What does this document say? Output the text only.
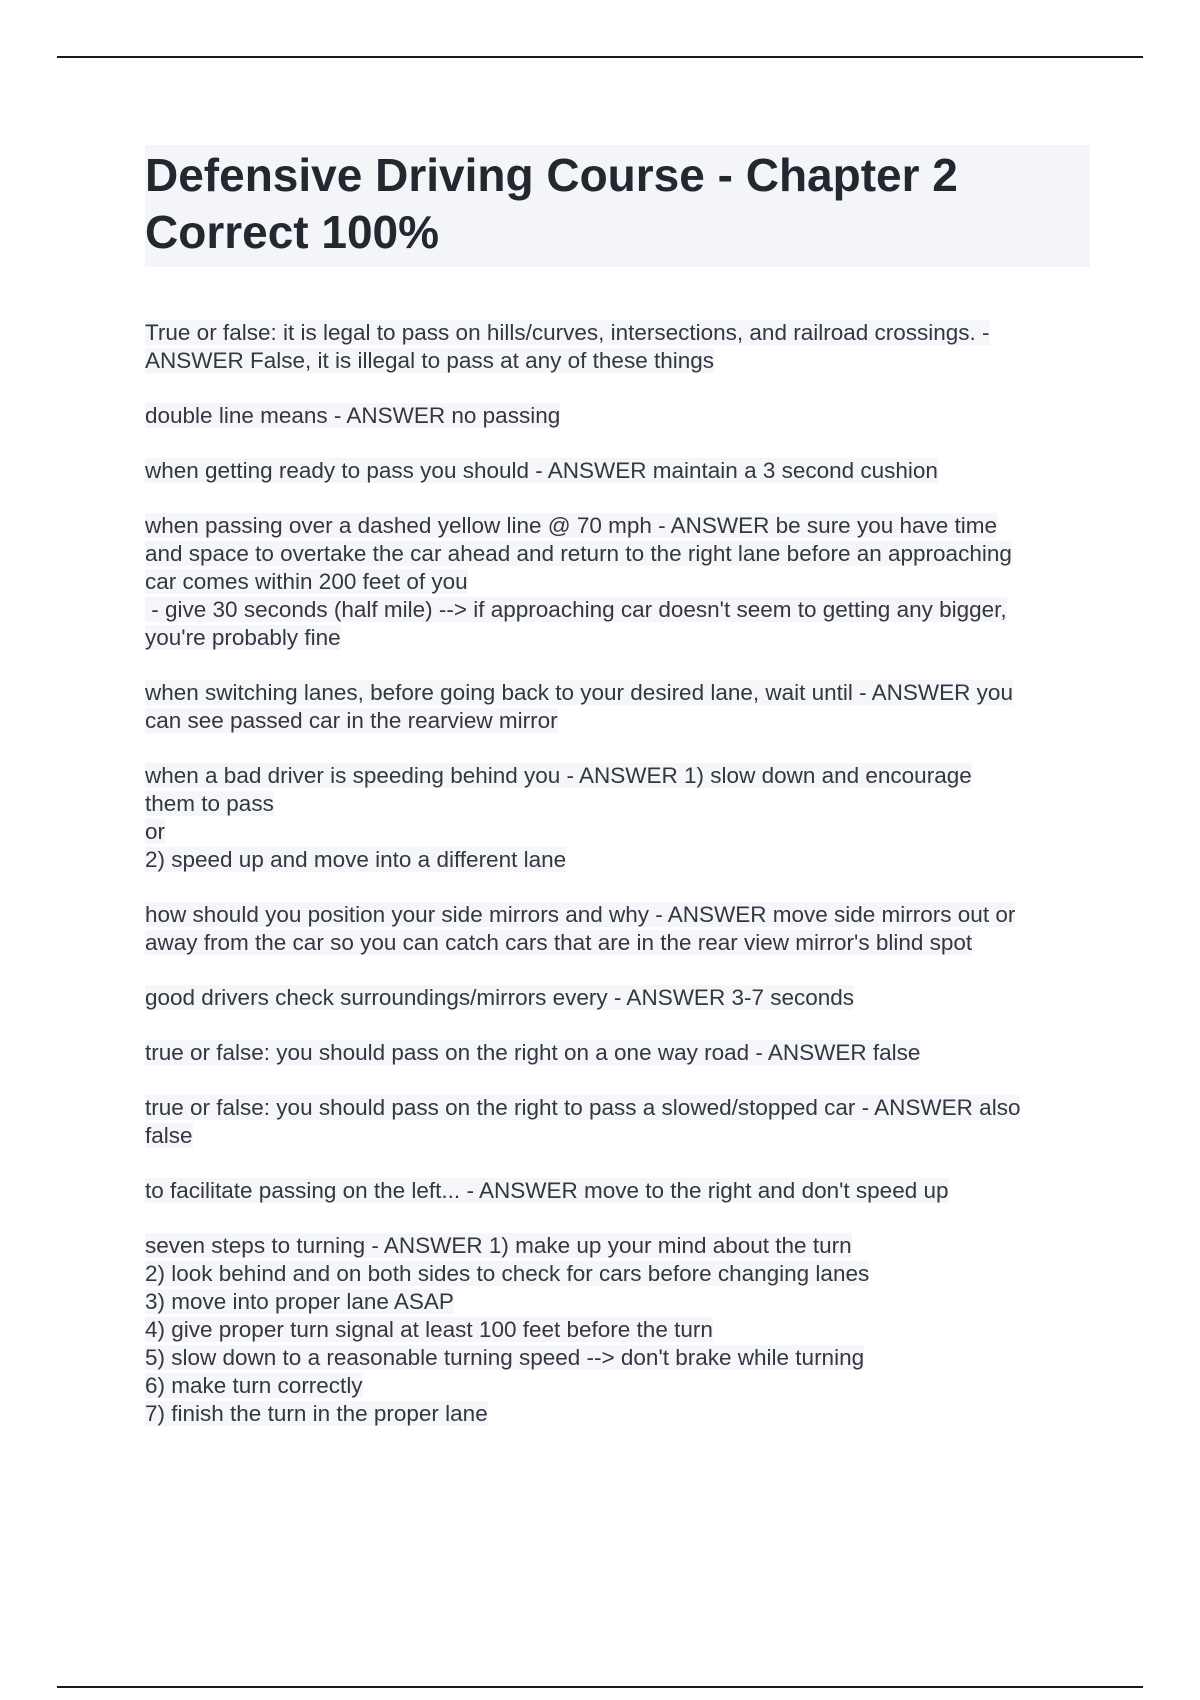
Defensive Driving Course - Chapter 2
Correct 100%
True or false: it is legal to pass on hills/curves, intersections, and railroad crossings. -
ANSWER False, it is illegal to pass at any of these things
double line means - ANSWER no passing
when getting ready to pass you should - ANSWER maintain a 3 second cushion
when passing over a dashed yellow line @ 70 mph - ANSWER be sure you have time
and space to overtake the car ahead and return to the right lane before an approaching
car comes within 200 feet of you
- give 30 seconds (half mile) --> if approaching car doesn't seem to getting any bigger,
you're probably fine
when switching lanes, before going back to your desired lane, wait until - ANSWER you
can see passed car in the rearview mirror
when a bad driver is speeding behind you - ANSWER 1) slow down and encourage
them to pass
or
2) speed up and move into a different lane
how should you position your side mirrors and why - ANSWER move side mirrors out or
away from the car so you can catch cars that are in the rear view mirror's blind spot
good drivers check surroundings/mirrors every - ANSWER 3-7 seconds
true or false: you should pass on the right on a one way road - ANSWER false
true or false: you should pass on the right to pass a slowed/stopped car - ANSWER also
false
to facilitate passing on the left... - ANSWER move to the right and don't speed up
seven steps to turning - ANSWER 1) make up your mind about the turn
2) look behind and on both sides to check for cars before changing lanes
3) move into proper lane ASAP
4) give proper turn signal at least 100 feet before the turn
5) slow down to a reasonable turning speed --> don't brake while turning
6) make turn correctly
7) finish the turn in the proper lane
